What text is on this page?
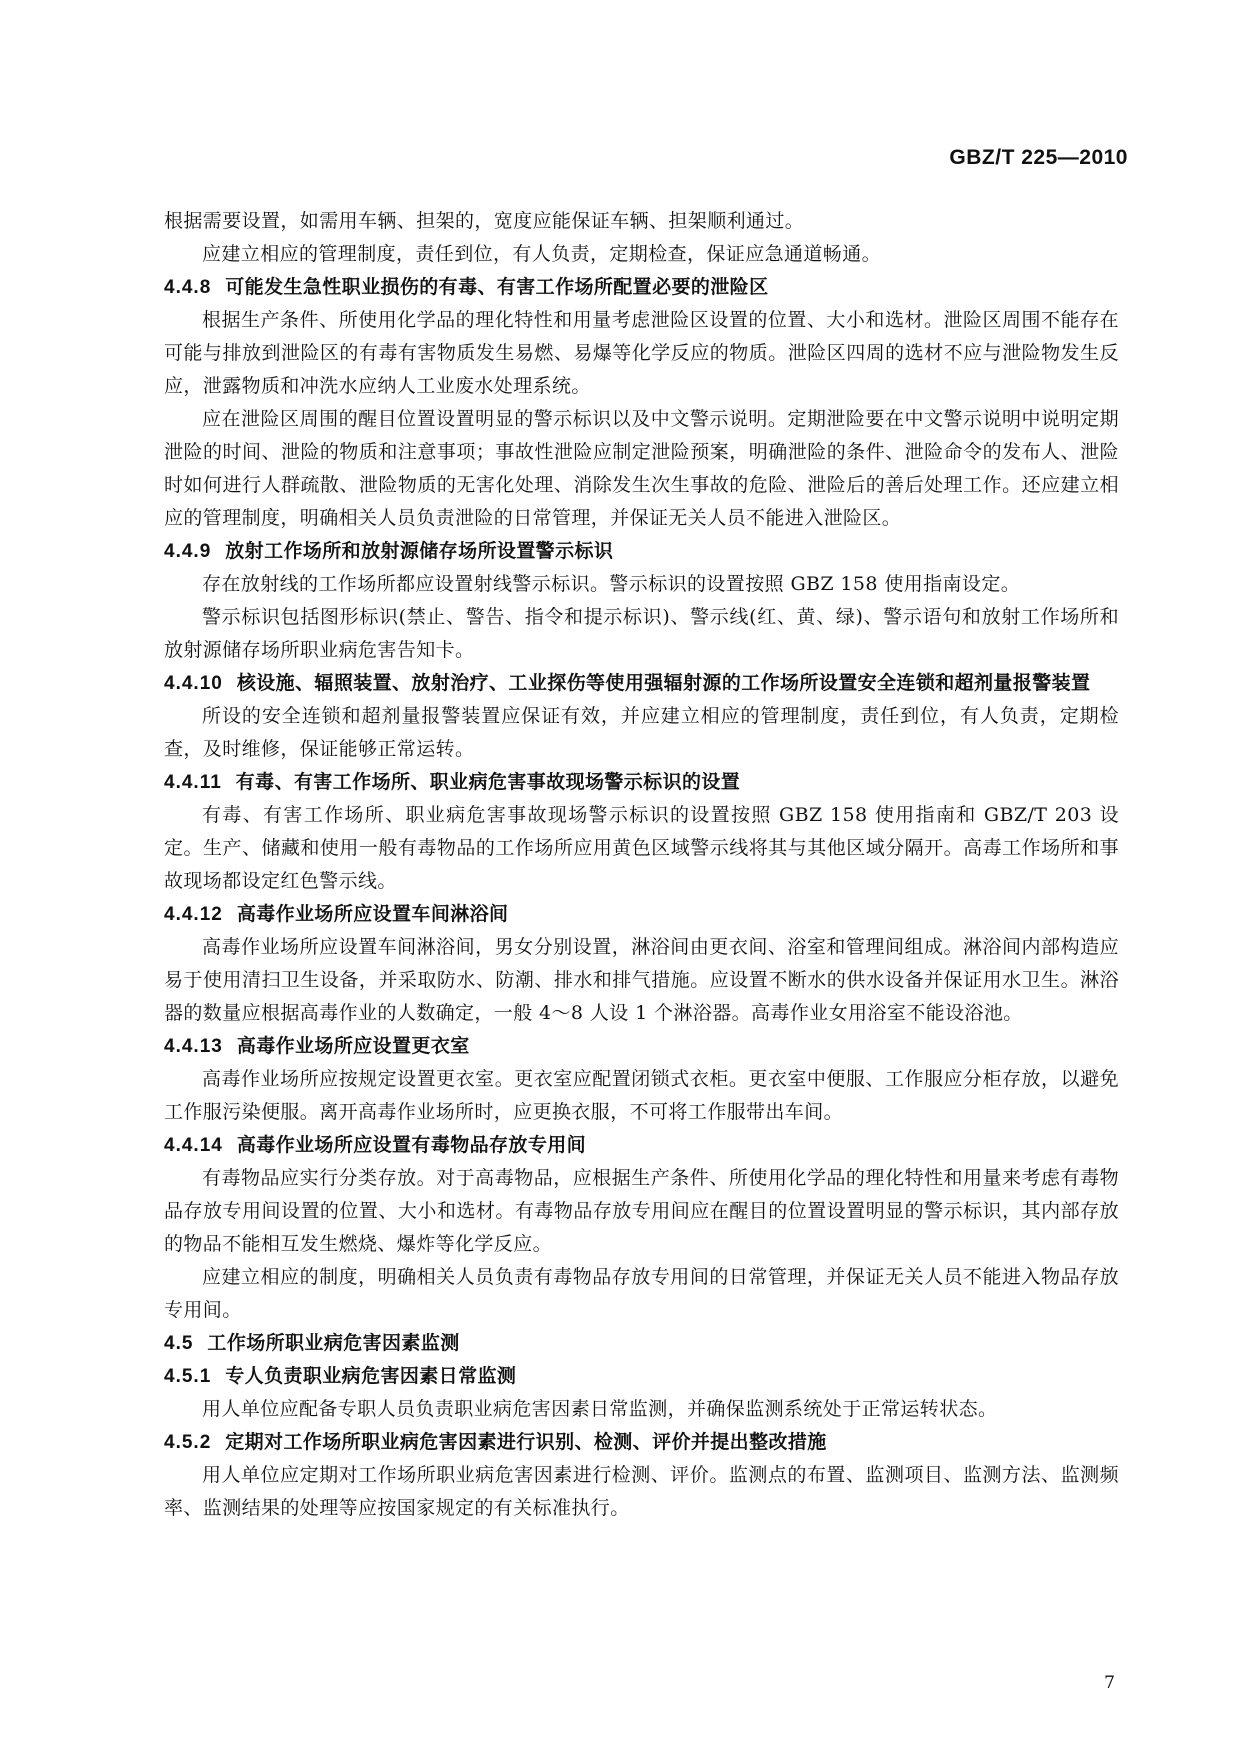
GBZ/T 225—2010

根据需要设置，如需用车辆、担架的，宽度应能保证车辆、担架顺利通过。

应建立相应的管理制度，责任到位，有人负责，定期检查，保证应急通道畅通。

4.4.8 可能发生急性职业损伤的有毒、有害工作场所配置必要的泄险区

根据生产条件、所使用化学品的理化特性和用量考虑泄险区设置的位置、大小和选材。泄险区周围不能存在可能与排放到泄险区的有毒有害物质发生易燃、易爆等化学反应的物质。泄险区四周的选材不应与泄险物发生反应，泄露物质和冲洗水应纳人工业废水处理系统。

应在泄险区周围的醒目位置设置明显的警示标识以及中文警示说明。定期泄险要在中文警示说明中说明定期泄险的时间、泄险的物质和注意事项；事故性泄险应制定泄险预案，明确泄险的条件、泄险命令的发布人、泄险时如何进行人群疏散、泄险物质的无害化处理、消除发生次生事故的危险、泄险后的善后处理工作。还应建立相应的管理制度，明确相关人员负责泄险的日常管理，并保证无关人员不能进入泄险区。

4.4.9 放射工作场所和放射源储存场所设置警示标识

存在放射线的工作场所都应设置射线警示标识。警示标识的设置按照 GBZ 158 使用指南设定。

警示标识包括图形标识(禁止、警告、指令和提示标识)、警示线(红、黄、绿)、警示语句和放射工作场所和放射源储存场所职业病危害告知卡。

4.4.10 核设施、辐照装置、放射治疗、工业探伤等使用强辐射源的工作场所设置安全连锁和超剂量报警装置

所设的安全连锁和超剂量报警装置应保证有效，并应建立相应的管理制度，责任到位，有人负责，定期检查，及时维修，保证能够正常运转。

4.4.11 有毒、有害工作场所、职业病危害事故现场警示标识的设置

有毒、有害工作场所、职业病危害事故现场警示标识的设置按照 GBZ 158 使用指南和 GBZ/T 203 设定。生产、储藏和使用一般有毒物品的工作场所应用黄色区域警示线将其与其他区域分隔开。高毒工作场所和事故现场都设定红色警示线。

4.4.12 高毒作业场所应设置车间淋浴间

高毒作业场所应设置车间淋浴间，男女分别设置，淋浴间由更衣间、浴室和管理间组成。淋浴间内部构造应易于使用清扫卫生设备，并采取防水、防潮、排水和排气措施。应设置不断水的供水设备并保证用水卫生。淋浴器的数量应根据高毒作业的人数确定，一般 4～8 人设 1 个淋浴器。高毒作业女用浴室不能设浴池。

4.4.13 高毒作业场所应设置更衣室

高毒作业场所应按规定设置更衣室。更衣室应配置闭锁式衣柜。更衣室中便服、工作服应分柜存放，以避免工作服污染便服。离开高毒作业场所时，应更换衣服，不可将工作服带出车间。

4.4.14 高毒作业场所应设置有毒物品存放专用间

有毒物品应实行分类存放。对于高毒物品，应根据生产条件、所使用化学品的理化特性和用量来考虑有毒物品存放专用间设置的位置、大小和选材。有毒物品存放专用间应在醒目的位置设置明显的警示标识，其内部存放的物品不能相互发生燃烧、爆炸等化学反应。

应建立相应的制度，明确相关人员负责有毒物品存放专用间的日常管理，并保证无关人员不能进入物品存放专用间。

4.5 工作场所职业病危害因素监测

4.5.1 专人负责职业病危害因素日常监测

用人单位应配备专职人员负责职业病危害因素日常监测，并确保监测系统处于正常运转状态。

4.5.2 定期对工作场所职业病危害因素进行识别、检测、评价并提出整改措施

用人单位应定期对工作场所职业病危害因素进行检测、评价。监测点的布置、监测项目、监测方法、监测频率、监测结果的处理等应按国家规定的有关标准执行。

7
